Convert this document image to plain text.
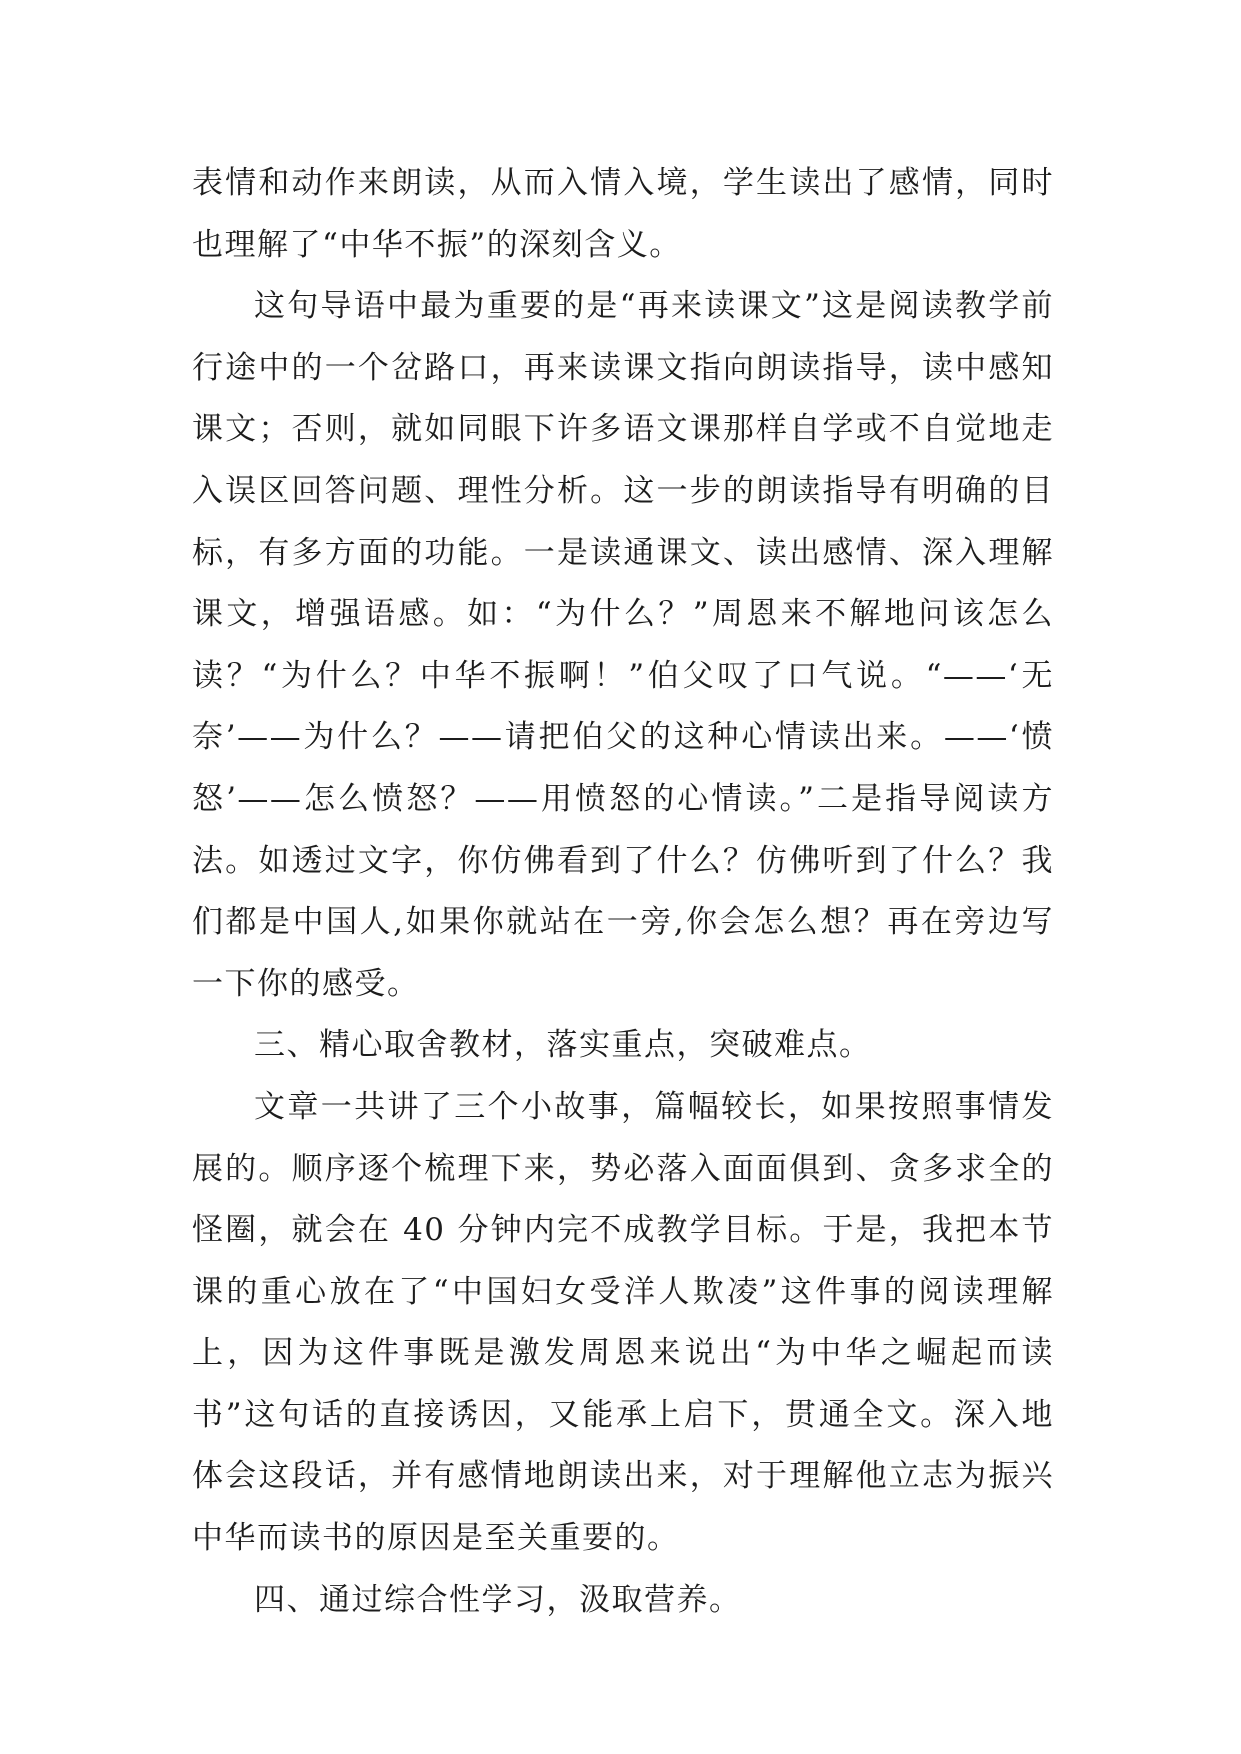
表情和动作来朗读，从而入情入境，学生读出了感情，同时也理解了“中华不振”的深刻含义。

这句导语中最为重要的是“再来读课文”这是阅读教学前行途中的一个岔路口，再来读课文指向朗读指导，读中感知课文；否则，就如同眼下许多语文课那样自学或不自觉地走入误区回答问题、理性分析。这一步的朗读指导有明确的目标，有多方面的功能。一是读通课文、读出感情、深入理解课文，增强语感。如：“为什么？”周恩来不解地问该怎么读？“为什么？中华不振啊！”伯父叹了口气说。“——‘无奈’——为什么？——请把伯父的这种心情读出来。——‘愤怒’——怎么愤怒？——用愤怒的心情读。”二是指导阅读方法。如透过文字，你仿佛看到了什么？仿佛听到了什么？我们都是中国人,如果你就站在一旁,你会怎么想？再在旁边写一下你的感受。

三、精心取舍教材，落实重点，突破难点。

文章一共讲了三个小故事，篇幅较长，如果按照事情发展的。顺序逐个梳理下来，势必落入面面俱到、贪多求全的怪圈，就会在 40 分钟内完不成教学目标。于是，我把本节课的重心放在了“中国妇女受洋人欺凌”这件事的阅读理解上，因为这件事既是激发周恩来说出“为中华之崛起而读书”这句话的直接诱因，又能承上启下，贯通全文。深入地体会这段话，并有感情地朗读出来，对于理解他立志为振兴中华而读书的原因是至关重要的。

四、通过综合性学习，汲取营养。
